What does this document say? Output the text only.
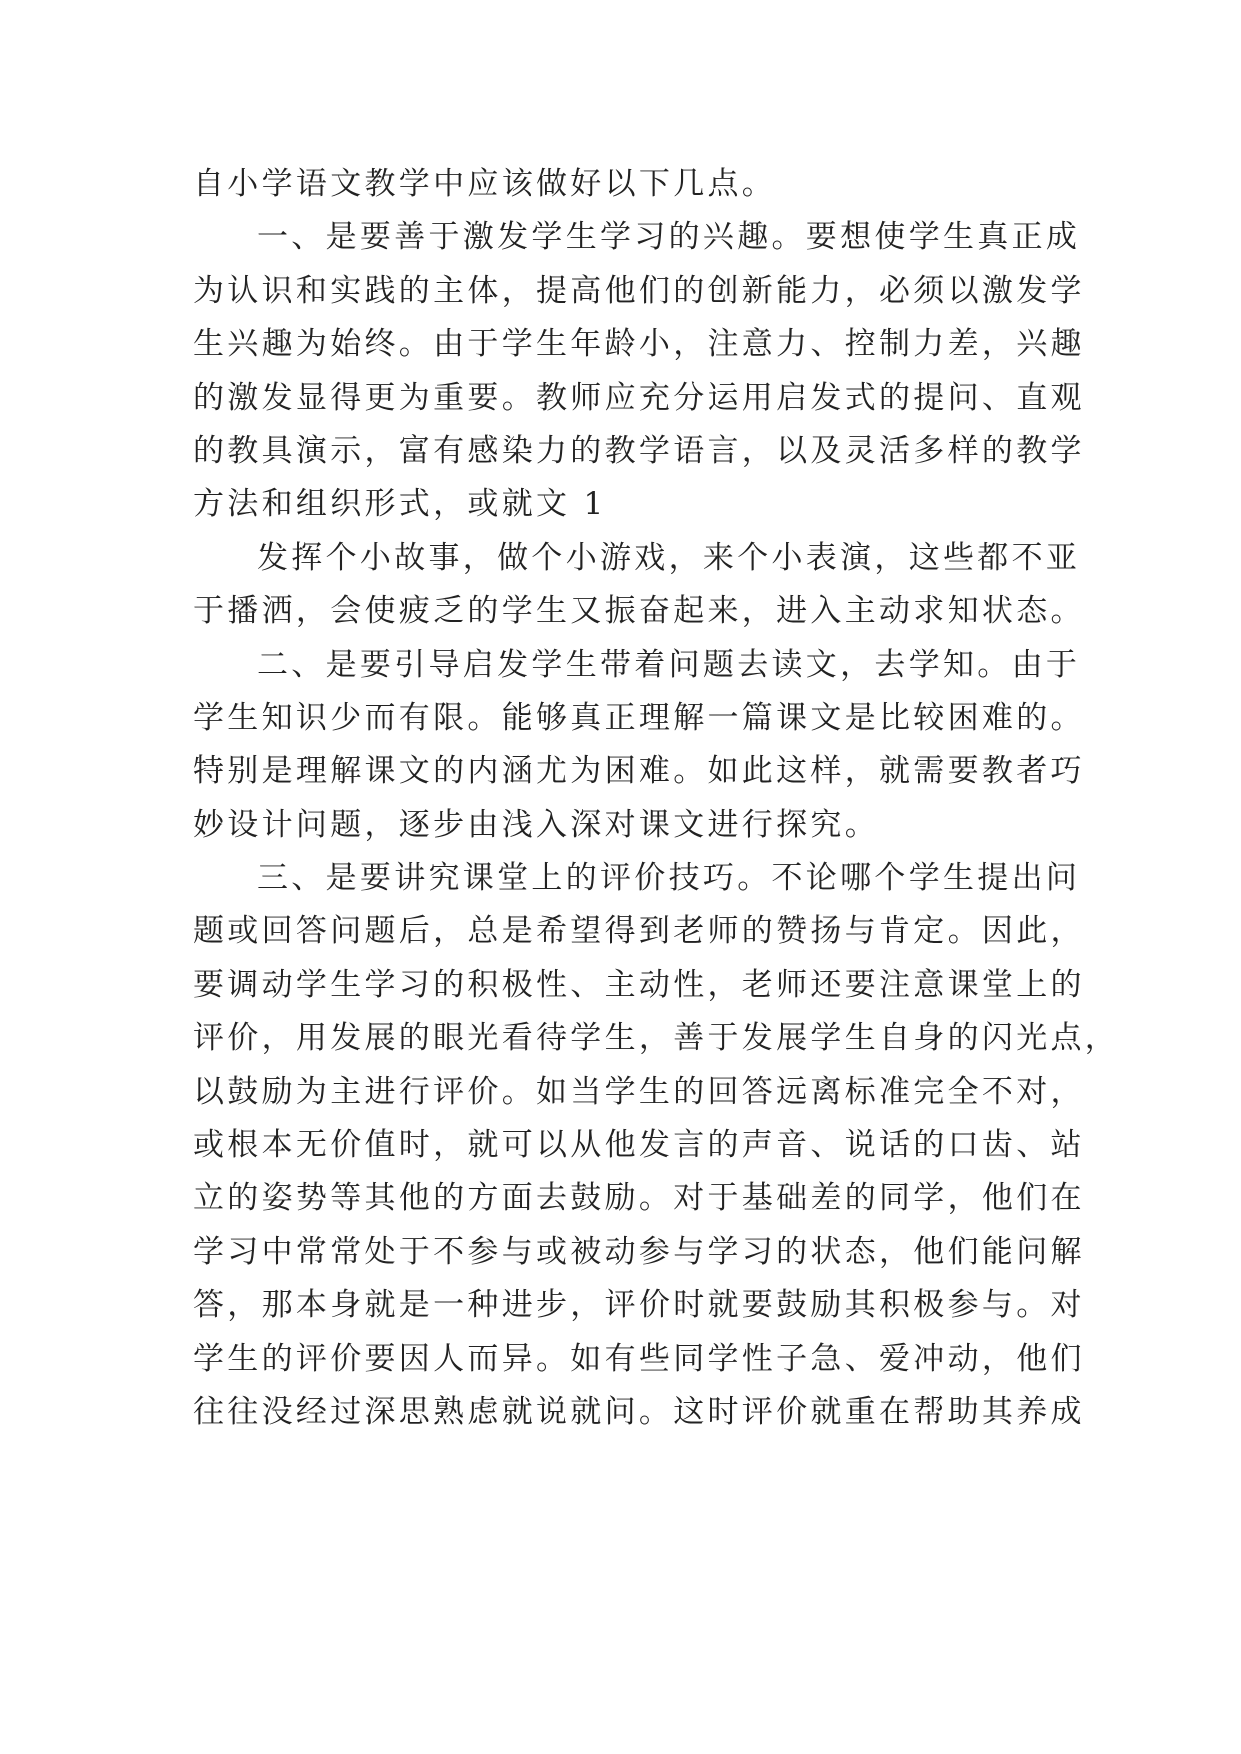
自小学语文教学中应该做好以下几点。
一、是要善于激发学生学习的兴趣。要想使学生真正成
为认识和实践的主体，提高他们的创新能力，必须以激发学
生兴趣为始终。由于学生年龄小，注意力、控制力差，兴趣
的激发显得更为重要。教师应充分运用启发式的提问、直观
的教具演示，富有感染力的教学语言，以及灵活多样的教学
方法和组织形式，或就文 1
发挥个小故事，做个小游戏，来个小表演，这些都不亚
于播洒，会使疲乏的学生又振奋起来，进入主动求知状态。
二、是要引导启发学生带着问题去读文，去学知。由于
学生知识少而有限。能够真正理解一篇课文是比较困难的。
特别是理解课文的内涵尤为困难。如此这样，就需要教者巧
妙设计问题，逐步由浅入深对课文进行探究。
三、是要讲究课堂上的评价技巧。不论哪个学生提出问
题或回答问题后，总是希望得到老师的赞扬与肯定。因此，
要调动学生学习的积极性、主动性，老师还要注意课堂上的
评价，用发展的眼光看待学生，善于发展学生自身的闪光点，
以鼓励为主进行评价。如当学生的回答远离标准完全不对，
或根本无价值时，就可以从他发言的声音、说话的口齿、站
立的姿势等其他的方面去鼓励。对于基础差的同学，他们在
学习中常常处于不参与或被动参与学习的状态，他们能问解
答，那本身就是一种进步，评价时就要鼓励其积极参与。对
学生的评价要因人而异。如有些同学性子急、爱冲动，他们
往往没经过深思熟虑就说就问。这时评价就重在帮助其养成
